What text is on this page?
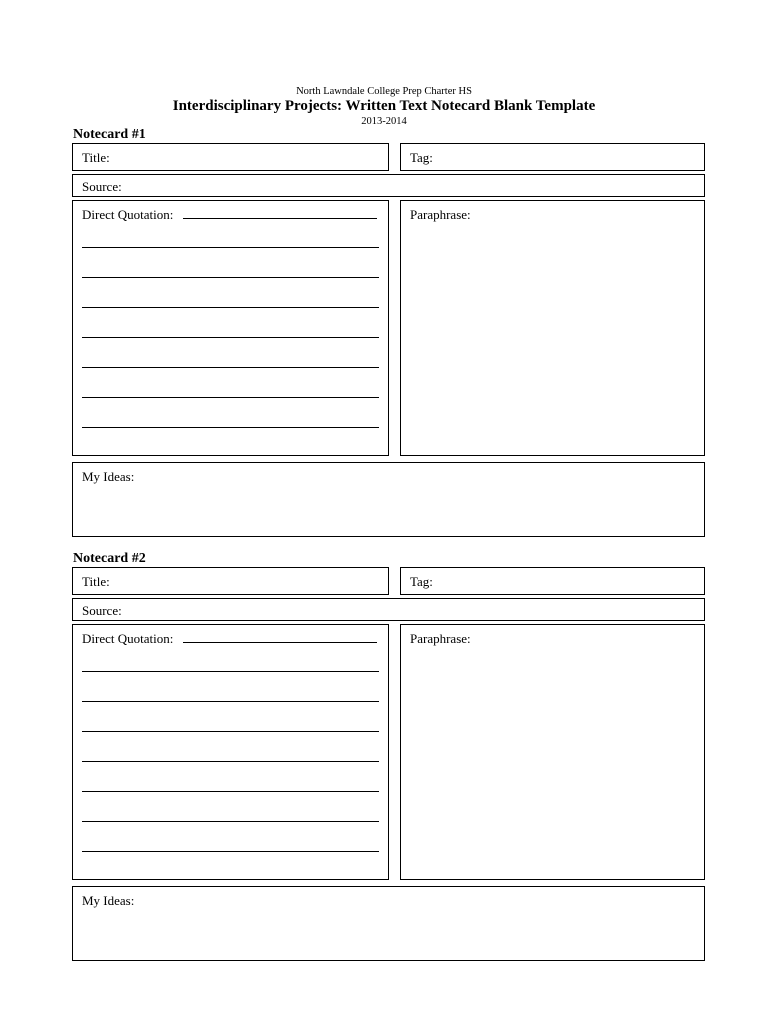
North Lawndale College Prep Charter HS
Interdisciplinary Projects: Written Text Notecard Blank Template
2013-2014
Notecard #1
Title:	Tag:
Source:
Direct Quotation:	Paraphrase:
My Ideas:
Notecard #2
Title:	Tag:
Source:
Direct Quotation:	Paraphrase:
My Ideas:
